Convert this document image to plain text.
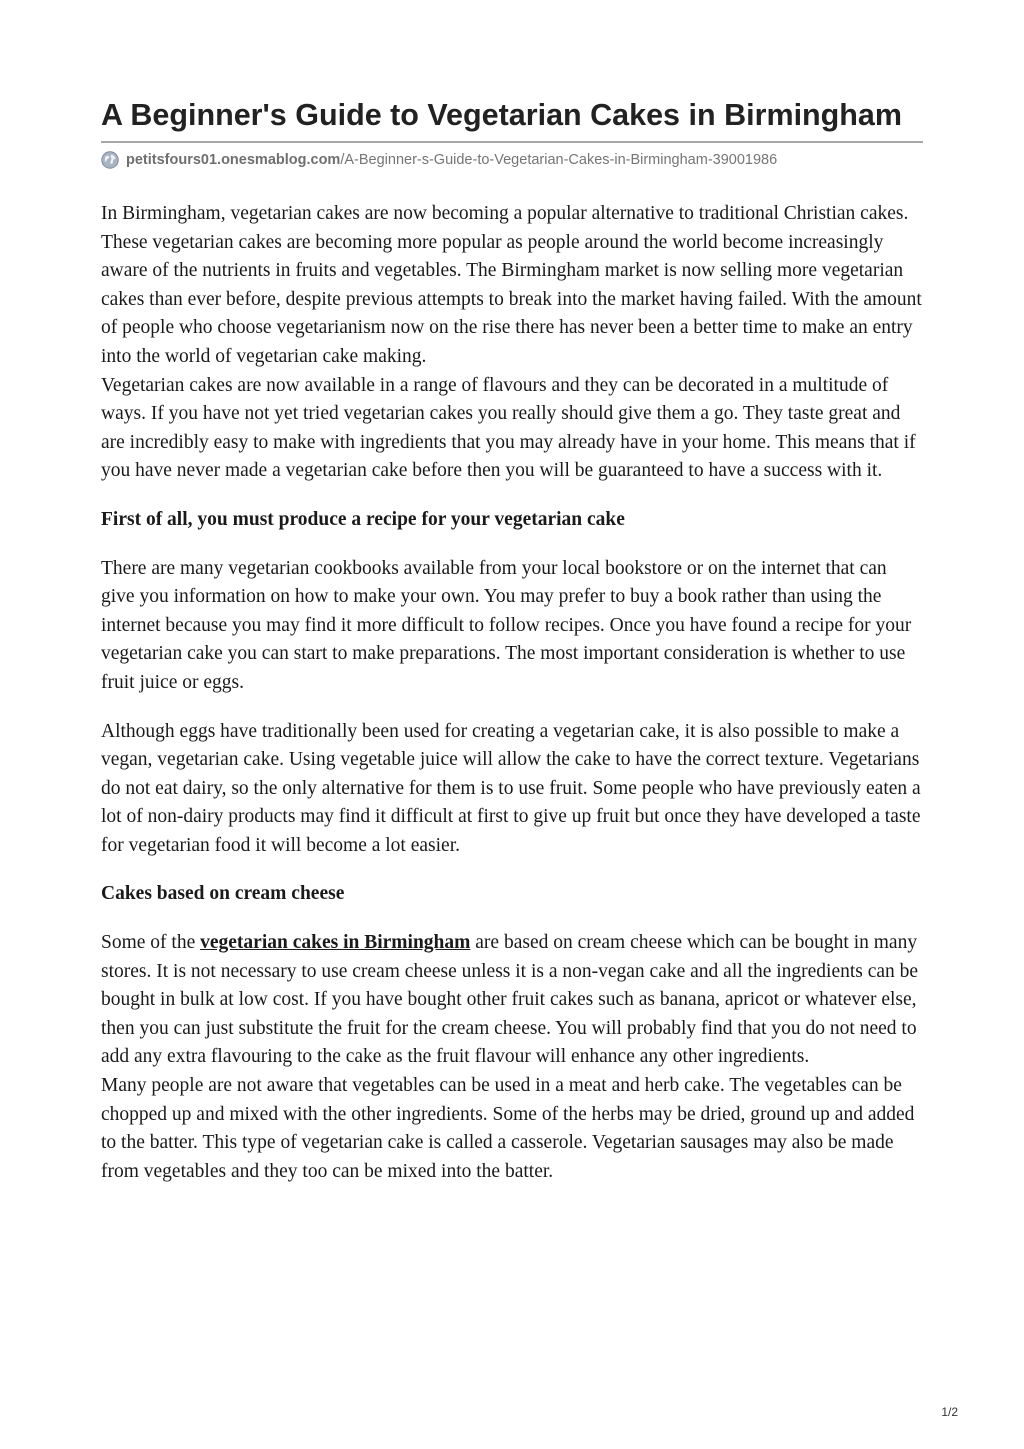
A Beginner's Guide to Vegetarian Cakes in Birmingham
petitsfours01.onesmablog.com /A-Beginner-s-Guide-to-Vegetarian-Cakes-in-Birmingham-39001986

In Birmingham, vegetarian cakes are now becoming a popular alternative to traditional Christian cakes. These vegetarian cakes are becoming more popular as people around the world become increasingly aware of the nutrients in fruits and vegetables. The Birmingham market is now selling more vegetarian cakes than ever before, despite previous attempts to break into the market having failed. With the amount of people who choose vegetarianism now on the rise there has never been a better time to make an entry into the world of vegetarian cake making.

Vegetarian cakes are now available in a range of flavours and they can be decorated in a multitude of ways. If you have not yet tried vegetarian cakes you really should give them a go. They taste great and are incredibly easy to make with ingredients that you may already have in your home. This means that if you have never made a vegetarian cake before then you will be guaranteed to have a success with it.

First of all, you must produce a recipe for your vegetarian cake

There are many vegetarian cookbooks available from your local bookstore or on the internet that can give you information on how to make your own. You may prefer to buy a book rather than using the internet because you may find it more difficult to follow recipes. Once you have found a recipe for your vegetarian cake you can start to make preparations. The most important consideration is whether to use fruit juice or eggs.

Although eggs have traditionally been used for creating a vegetarian cake, it is also possible to make a vegan, vegetarian cake. Using vegetable juice will allow the cake to have the correct texture. Vegetarians do not eat dairy, so the only alternative for them is to use fruit. Some people who have previously eaten a lot of non-dairy products may find it difficult at first to give up fruit but once they have developed a taste for vegetarian food it will become a lot easier.

Cakes based on cream cheese

Some of the vegetarian cakes in Birmingham are based on cream cheese which can be bought in many stores. It is not necessary to use cream cheese unless it is a non-vegan cake and all the ingredients can be bought in bulk at low cost. If you have bought other fruit cakes such as banana, apricot or whatever else, then you can just substitute the fruit for the cream cheese. You will probably find that you do not need to add any extra flavouring to the cake as the fruit flavour will enhance any other ingredients.

Many people are not aware that vegetables can be used in a meat and herb cake. The vegetables can be chopped up and mixed with the other ingredients. Some of the herbs may be dried, ground up and added to the batter. This type of vegetarian cake is called a casserole. Vegetarian sausages may also be made from vegetables and they too can be mixed into the batter.

1/2
